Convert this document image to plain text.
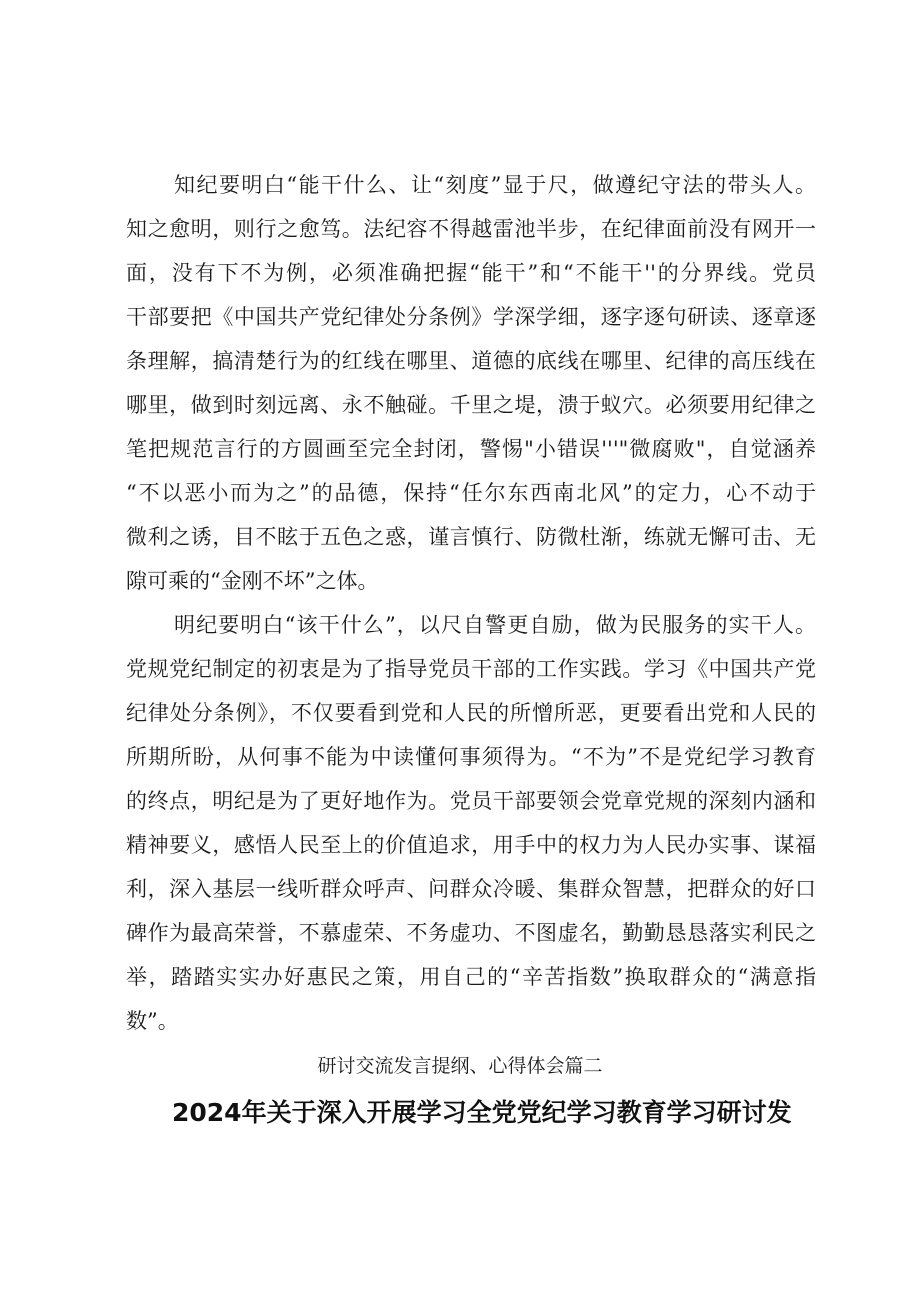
知纪要明白“能干什么、让“刻度”显于尺，做遵纪守法的带头人。
知之愈明，则行之愈笃。法纪容不得越雷池半步，在纪律面前没有网开一
面，没有下不为例，必须准确把握“能干”和“不能干''的分界线。党员
干部要把《中国共产党纪律处分条例》学深学细，逐字逐句研读、逐章逐
条理解，搞清楚行为的红线在哪里、道德的底线在哪里、纪律的高压线在
哪里，做到时刻远离、永不触碰。千里之堤，溃于蚁穴。必须要用纪律之
笔把规范言行的方圆画至完全封闭，警惕"小错误'''"微腐败"，自觉涵养
“不以恶小而为之”的品德，保持“任尔东西南北风”的定力，心不动于
微利之诱，目不眩于五色之惑，谨言慎行、防微杜渐，练就无懈可击、无
隙可乘的“金刚不坏”之体。
明纪要明白“该干什么”，以尺自警更自励，做为民服务的实干人。
党规党纪制定的初衷是为了指导党员干部的工作实践。学习《中国共产党
纪律处分条例》，不仅要看到党和人民的所憎所恶，更要看出党和人民的
所期所盼，从何事不能为中读懂何事须得为。“不为”不是党纪学习教育
的终点，明纪是为了更好地作为。党员干部要领会党章党规的深刻内涵和
精神要义，感悟人民至上的价值追求，用手中的权力为人民办实事、谋福
利，深入基层一线听群众呼声、问群众冷暖、集群众智慧，把群众的好口
碑作为最高荣誉，不慕虚荣、不务虚功、不图虚名，勤勤恳恳落实利民之
举，踏踏实实办好惠民之策，用自己的“辛苦指数”换取群众的“满意指
数”。
研讨交流发言提纲、心得体会篇二
2024年关于深入开展学习全党党纪学习教育学习研讨发
